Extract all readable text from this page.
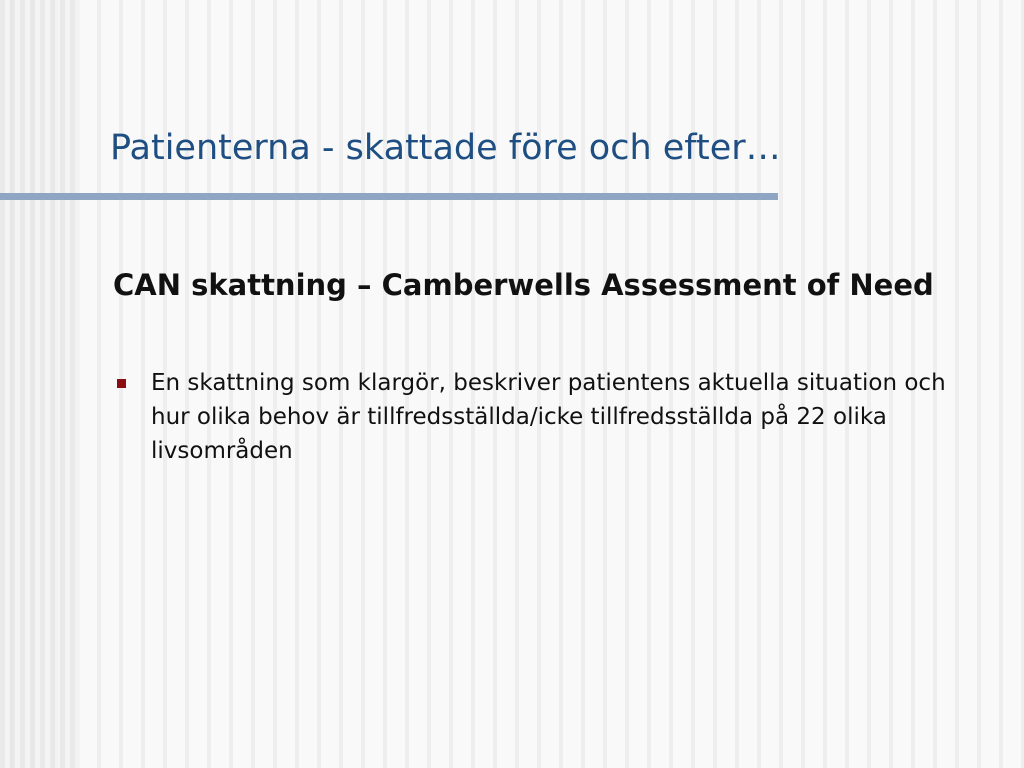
Patienterna - skattade före och efter…
CAN skattning – Camberwells Assessment of Need
En skattning som klargör, beskriver patientens aktuella situation och hur olika behov är tillfredsställda/icke tillfredsställda på 22 olika livsområden
